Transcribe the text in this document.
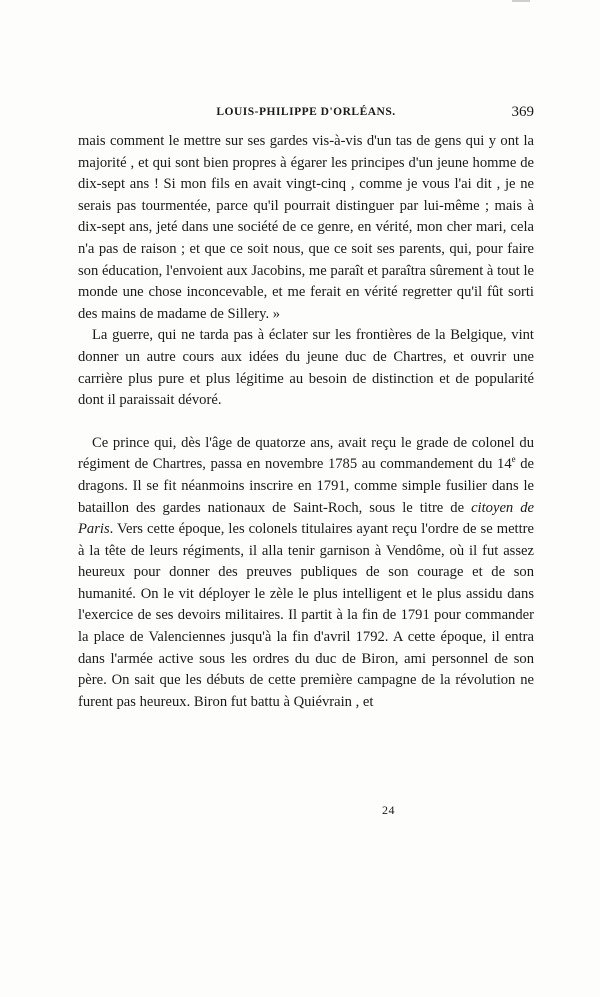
LOUIS-PHILIPPE D'ORLÉANS.	369

mais comment le mettre sur ses gardes vis-à-vis d'un tas de gens qui y ont la majorité , et qui sont bien propres à égarer les principes d'un jeune homme de dix-sept ans ! Si mon fils en avait vingt-cinq , comme je vous l'ai dit , je ne serais pas tourmentée, parce qu'il pourrait distinguer par lui-même ; mais à dix-sept ans, jeté dans une société de ce genre, en vérité, mon cher mari, cela n'a pas de raison ; et que ce soit nous, que ce soit ses parents, qui, pour faire son éducation, l'envoient aux Jacobins, me paraît et paraîtra sûrement à tout le monde une chose inconcevable, et me ferait en vérité regretter qu'il fût sorti des mains de madame de Sillery. »

La guerre, qui ne tarda pas à éclater sur les frontières de la Belgique, vint donner un autre cours aux idées du jeune duc de Chartres, et ouvrir une carrière plus pure et plus légitime au besoin de distinction et de popularité dont il paraissait dévoré.

Ce prince qui, dès l'âge de quatorze ans, avait reçu le grade de colonel du régiment de Chartres, passa en novembre 1785 au commandement du 14e de dragons. Il se fit néanmoins inscrire en 1791, comme simple fusilier dans le bataillon des gardes nationaux de Saint-Roch, sous le titre de citoyen de Paris. Vers cette époque, les colonels titulaires ayant reçu l'ordre de se mettre à la tête de leurs régiments, il alla tenir garnison à Vendôme, où il fut assez heureux pour donner des preuves publiques de son courage et de son humanité. On le vit déployer le zèle le plus intelligent et le plus assidu dans l'exercice de ses devoirs militaires. Il partit à la fin de 1791 pour commander la place de Valenciennes jusqu'à la fin d'avril 1792. A cette époque, il entra dans l'armée active sous les ordres du duc de Biron, ami personnel de son père. On sait que les débuts de cette première campagne de la révolution ne furent pas heureux. Biron fut battu à Quiévrain , et

24
